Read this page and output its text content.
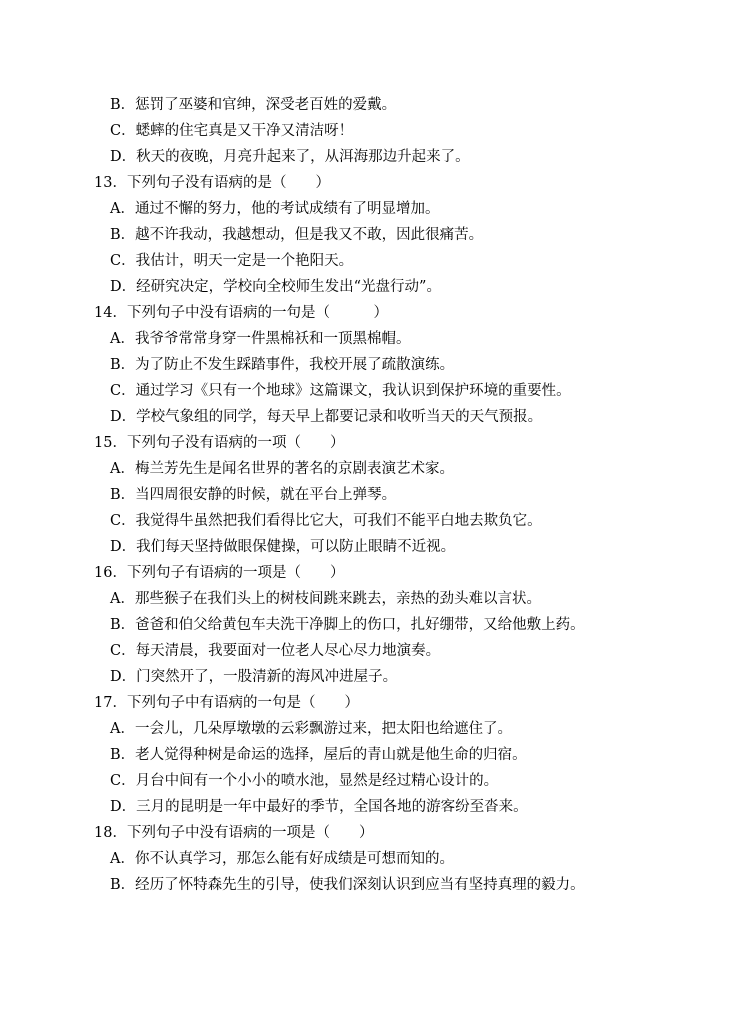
B．惩罚了巫婆和官绅，深受老百姓的爱戴。
C．蟋蟀的住宅真是又干净又清洁呀！
D．秋天的夜晚，月亮升起来了，从洱海那边升起来了。
13．下列句子没有语病的是（　　）
A．通过不懈的努力，他的考试成绩有了明显增加。
B．越不许我动，我越想动，但是我又不敢，因此很痛苦。
C．我估计，明天一定是一个艳阳天。
D．经研究决定，学校向全校师生发出“光盘行动”。
14．下列句子中没有语病的一句是（　　　）
A．我爷爷常常身穿一件黑棉袄和一顶黑棉帽。
B．为了防止不发生踩踏事件，我校开展了疏散演练。
C．通过学习《只有一个地球》这篇课文，我认识到保护环境的重要性。
D．学校气象组的同学，每天早上都要记录和收听当天的天气预报。
15．下列句子没有语病的一项（　　）
A．梅兰芳先生是闻名世界的著名的京剧表演艺术家。
B．当四周很安静的时候，就在平台上弹琴。
C．我觉得牛虽然把我们看得比它大，可我们不能平白地去欺负它。
D．我们每天坚持做眼保健操，可以防止眼睛不近视。
16．下列句子有语病的一项是（　　）
A．那些猴子在我们头上的树枝间跳来跳去，亲热的劲头难以言状。
B．爸爸和伯父给黄包车夫洗干净脚上的伤口，扎好绷带，又给他敷上药。
C．每天清晨，我要面对一位老人尽心尽力地演奏。
D．门突然开了，一股清新的海风冲进屋子。
17．下列句子中有语病的一句是（　　）
A．一会儿，几朵厚墩墩的云彩飘游过来，把太阳也给遮住了。
B．老人觉得种树是命运的选择，屋后的青山就是他生命的归宿。
C．月台中间有一个小小的喷水池，显然是经过精心设计的。
D．三月的昆明是一年中最好的季节，全国各地的游客纷至沓来。
18．下列句子中没有语病的一项是（　　）
A．你不认真学习，那怎么能有好成绩是可想而知的。
B．经历了怀特森先生的引导，使我们深刻认识到应当有坚持真理的毅力。
